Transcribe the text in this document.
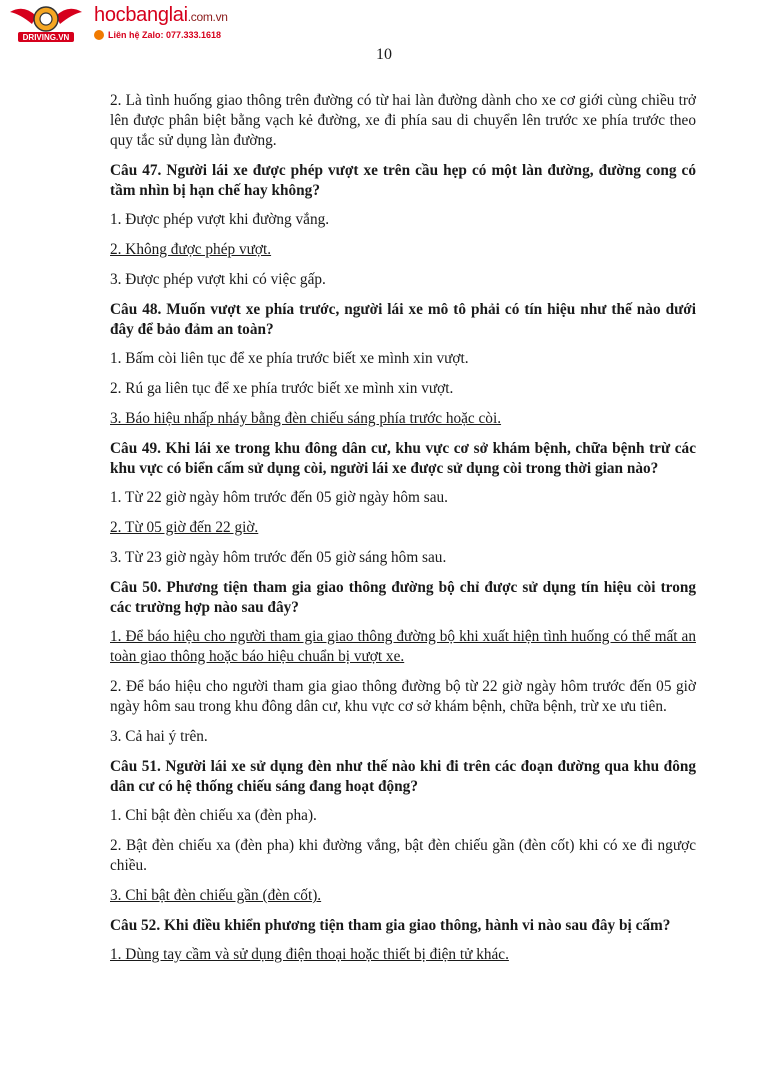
DRIVING.VN
hocbanglai.com.vn
Liên hệ Zalo: 077.333.1618
10

2. Là tình huống giao thông trên đường có từ hai làn đường dành cho xe cơ giới cùng chiều trở lên được phân biệt bằng vạch kẻ đường, xe đi phía sau di chuyển lên trước xe phía trước theo quy tắc sử dụng làn đường.

Câu 47. Người lái xe được phép vượt xe trên cầu hẹp có một làn đường, đường cong có tầm nhìn bị hạn chế hay không?

1. Được phép vượt khi đường vắng.

2. Không được phép vượt.

3. Được phép vượt khi có việc gấp.

Câu 48. Muốn vượt xe phía trước, người lái xe mô tô phải có tín hiệu như thế nào dưới đây để bảo đảm an toàn?

1. Bấm còi liên tục để xe phía trước biết xe mình xin vượt.

2. Rú ga liên tục để xe phía trước biết xe mình xin vượt.

3. Báo hiệu nhấp nháy bằng đèn chiếu sáng phía trước hoặc còi.

Câu 49. Khi lái xe trong khu đông dân cư, khu vực cơ sở khám bệnh, chữa bệnh trừ các khu vực có biển cấm sử dụng còi, người lái xe được sử dụng còi trong thời gian nào?

1. Từ 22 giờ ngày hôm trước đến 05 giờ ngày hôm sau.

2. Từ 05 giờ đến 22 giờ.

3. Từ 23 giờ ngày hôm trước đến 05 giờ sáng hôm sau.

Câu 50. Phương tiện tham gia giao thông đường bộ chỉ được sử dụng tín hiệu còi trong các trường hợp nào sau đây?

1. Để báo hiệu cho người tham gia giao thông đường bộ khi xuất hiện tình huống có thể mất an toàn giao thông hoặc báo hiệu chuẩn bị vượt xe.

2. Để báo hiệu cho người tham gia giao thông đường bộ từ 22 giờ ngày hôm trước đến 05 giờ ngày hôm sau trong khu đông dân cư, khu vực cơ sở khám bệnh, chữa bệnh, trừ xe ưu tiên.

3. Cả hai ý trên.

Câu 51. Người lái xe sử dụng đèn như thế nào khi đi trên các đoạn đường qua khu đông dân cư có hệ thống chiếu sáng đang hoạt động?

1. Chỉ bật đèn chiếu xa (đèn pha).

2. Bật đèn chiếu xa (đèn pha) khi đường vắng, bật đèn chiếu gần (đèn cốt) khi có xe đi ngược chiều.

3. Chỉ bật đèn chiếu gần (đèn cốt).

Câu 52. Khi điều khiển phương tiện tham gia giao thông, hành vi nào sau đây bị cấm?

1. Dùng tay cầm và sử dụng điện thoại hoặc thiết bị điện tử khác.
